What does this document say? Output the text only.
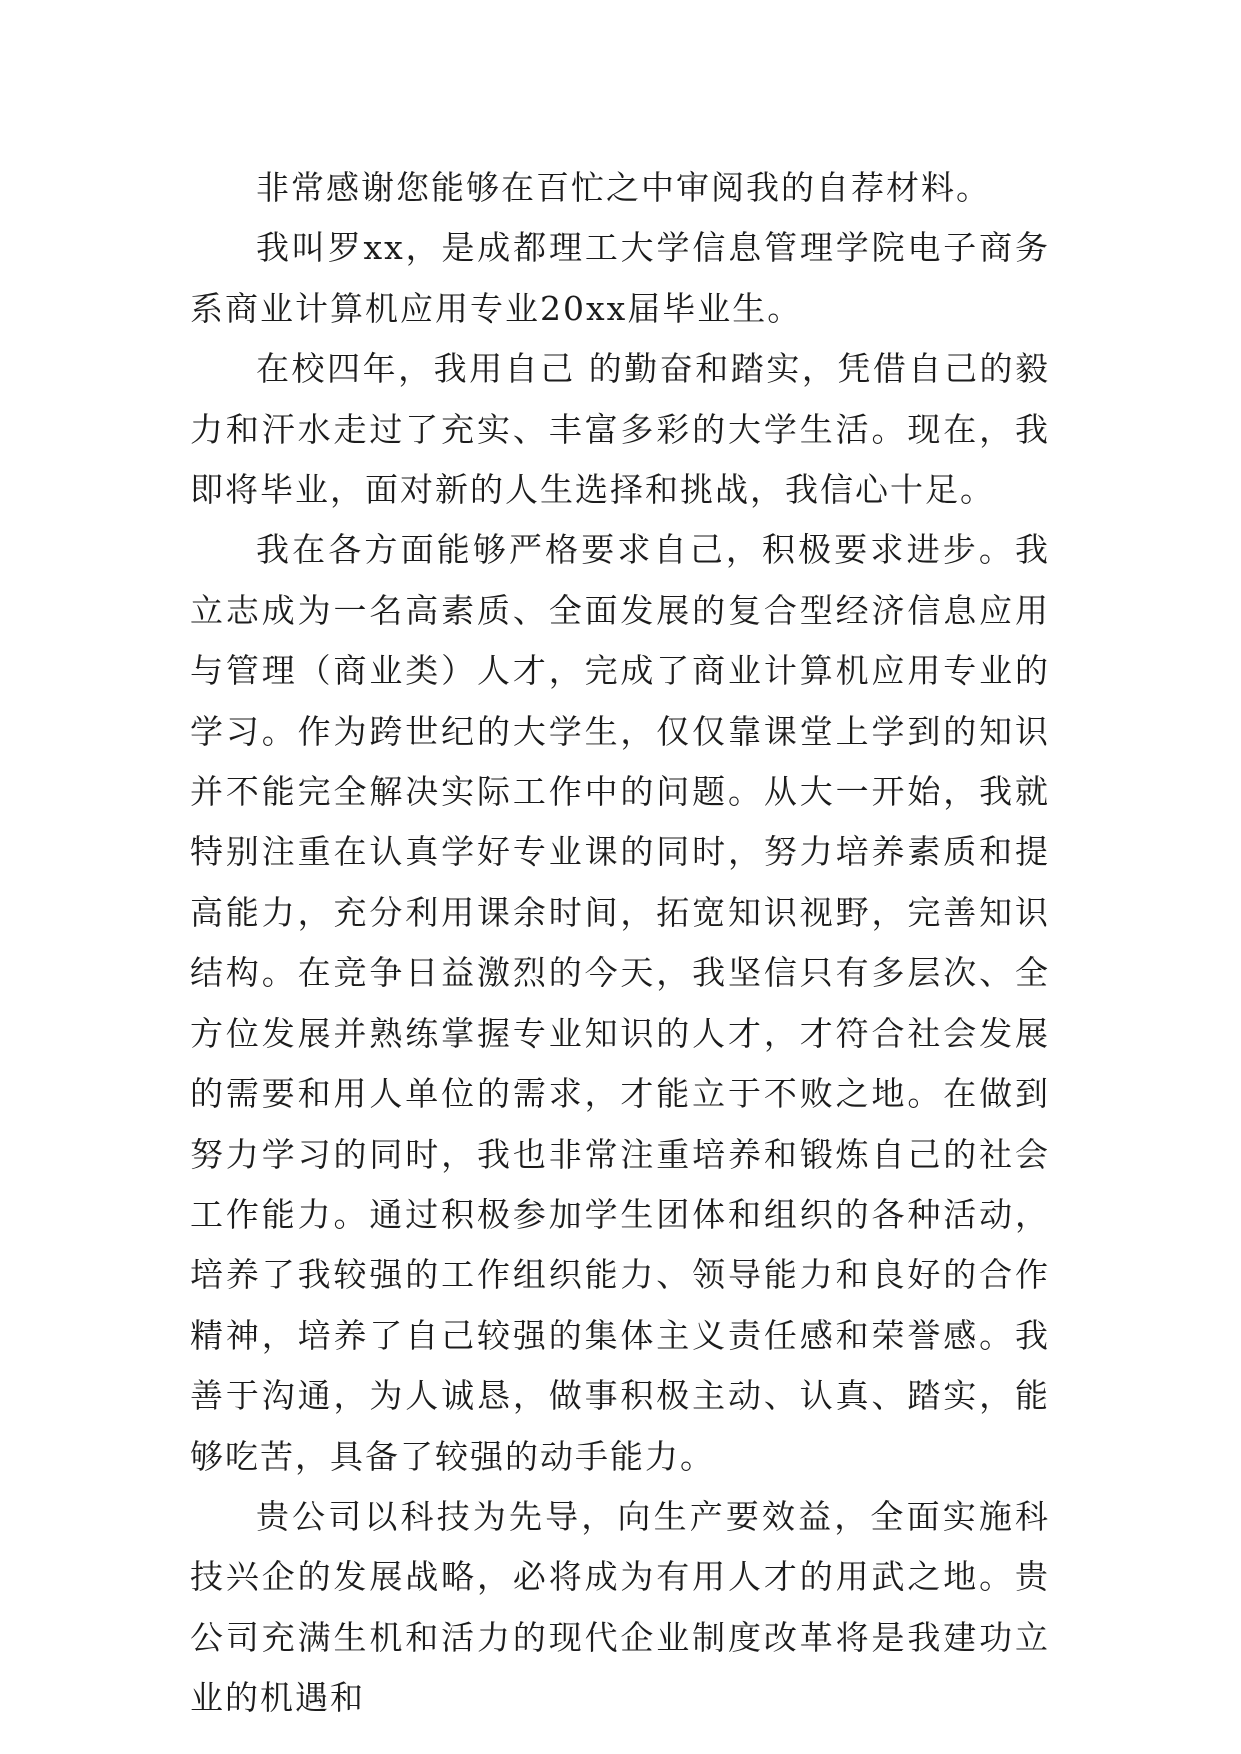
非常感谢您能够在百忙之中审阅我的自荐材料。

我叫罗xx，是成都理工大学信息管理学院电子商务系商业计算机应用专业20xx届毕业生。

在校四年，我用自己 的勤奋和踏实，凭借自己的毅力和汗水走过了充实、丰富多彩的大学生活。现在，我即将毕业，面对新的人生选择和挑战，我信心十足。

我在各方面能够严格要求自己，积极要求进步。我立志成为一名高素质、全面发展的复合型经济信息应用与管理（商业类）人才，完成了商业计算机应用专业的学习。作为跨世纪的大学生，仅仅靠课堂上学到的知识并不能完全解决实际工作中的问题。从大一开始，我就特别注重在认真学好专业课的同时，努力培养素质和提高能力，充分利用课余时间，拓宽知识视野，完善知识结构。在竞争日益激烈的今天，我坚信只有多层次、全方位发展并熟练掌握专业知识的人才，才符合社会发展的需要和用人单位的需求，才能立于不败之地。在做到努力学习的同时，我也非常注重培养和锻炼自己的社会工作能力。通过积极参加学生团体和组织的各种活动，培养了我较强的工作组织能力、领导能力和良好的合作精神，培养了自己较强的集体主义责任感和荣誉感。我善于沟通，为人诚恳，做事积极主动、认真、踏实，能够吃苦，具备了较强的动手能力。

贵公司以科技为先导，向生产要效益，全面实施科技兴企的发展战略，必将成为有用人才的用武之地。贵公司充满生机和活力的现代企业制度改革将是我建功立业的机遇和
